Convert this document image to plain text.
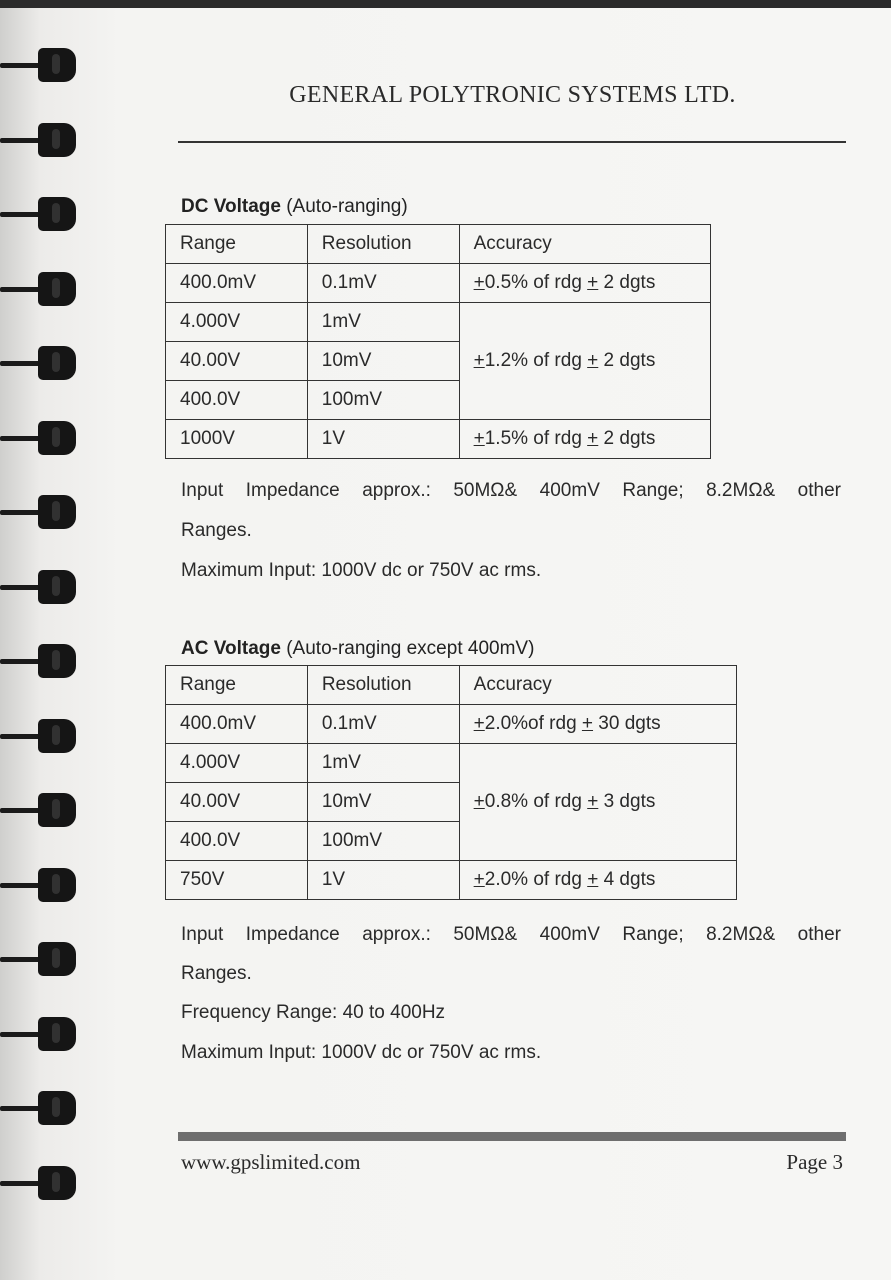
GENERAL POLYTRONIC SYSTEMS LTD.
DC Voltage (Auto-ranging)
Range	Resolution	Accuracy
400.0mV	0.1mV	+0.5% of rdg + 2 dgts
4.000V	1mV	+1.2% of rdg + 2 dgts
40.00V	10mV	
400.0V	100mV	
1000V	1V	+1.5% of rdg + 2 dgts
Input Impedance approx.: 50MΩ& 400mV Range; 8.2MΩ& other
Ranges.
Maximum Input: 1000V dc or 750V ac rms.
AC Voltage (Auto-ranging except 400mV)
Range	Resolution	Accuracy
400.0mV	0.1mV	+2.0%of rdg + 30 dgts
4.000V	1mV	+0.8% of rdg + 3 dgts
40.00V	10mV	
400.0V	100mV	
750V	1V	+2.0% of rdg + 4 dgts
Input Impedance approx.: 50MΩ& 400mV Range; 8.2MΩ& other
Ranges.
Frequency Range: 40 to 400Hz
Maximum Input: 1000V dc or 750V ac rms.
www.gpslimited.com	Page 3
